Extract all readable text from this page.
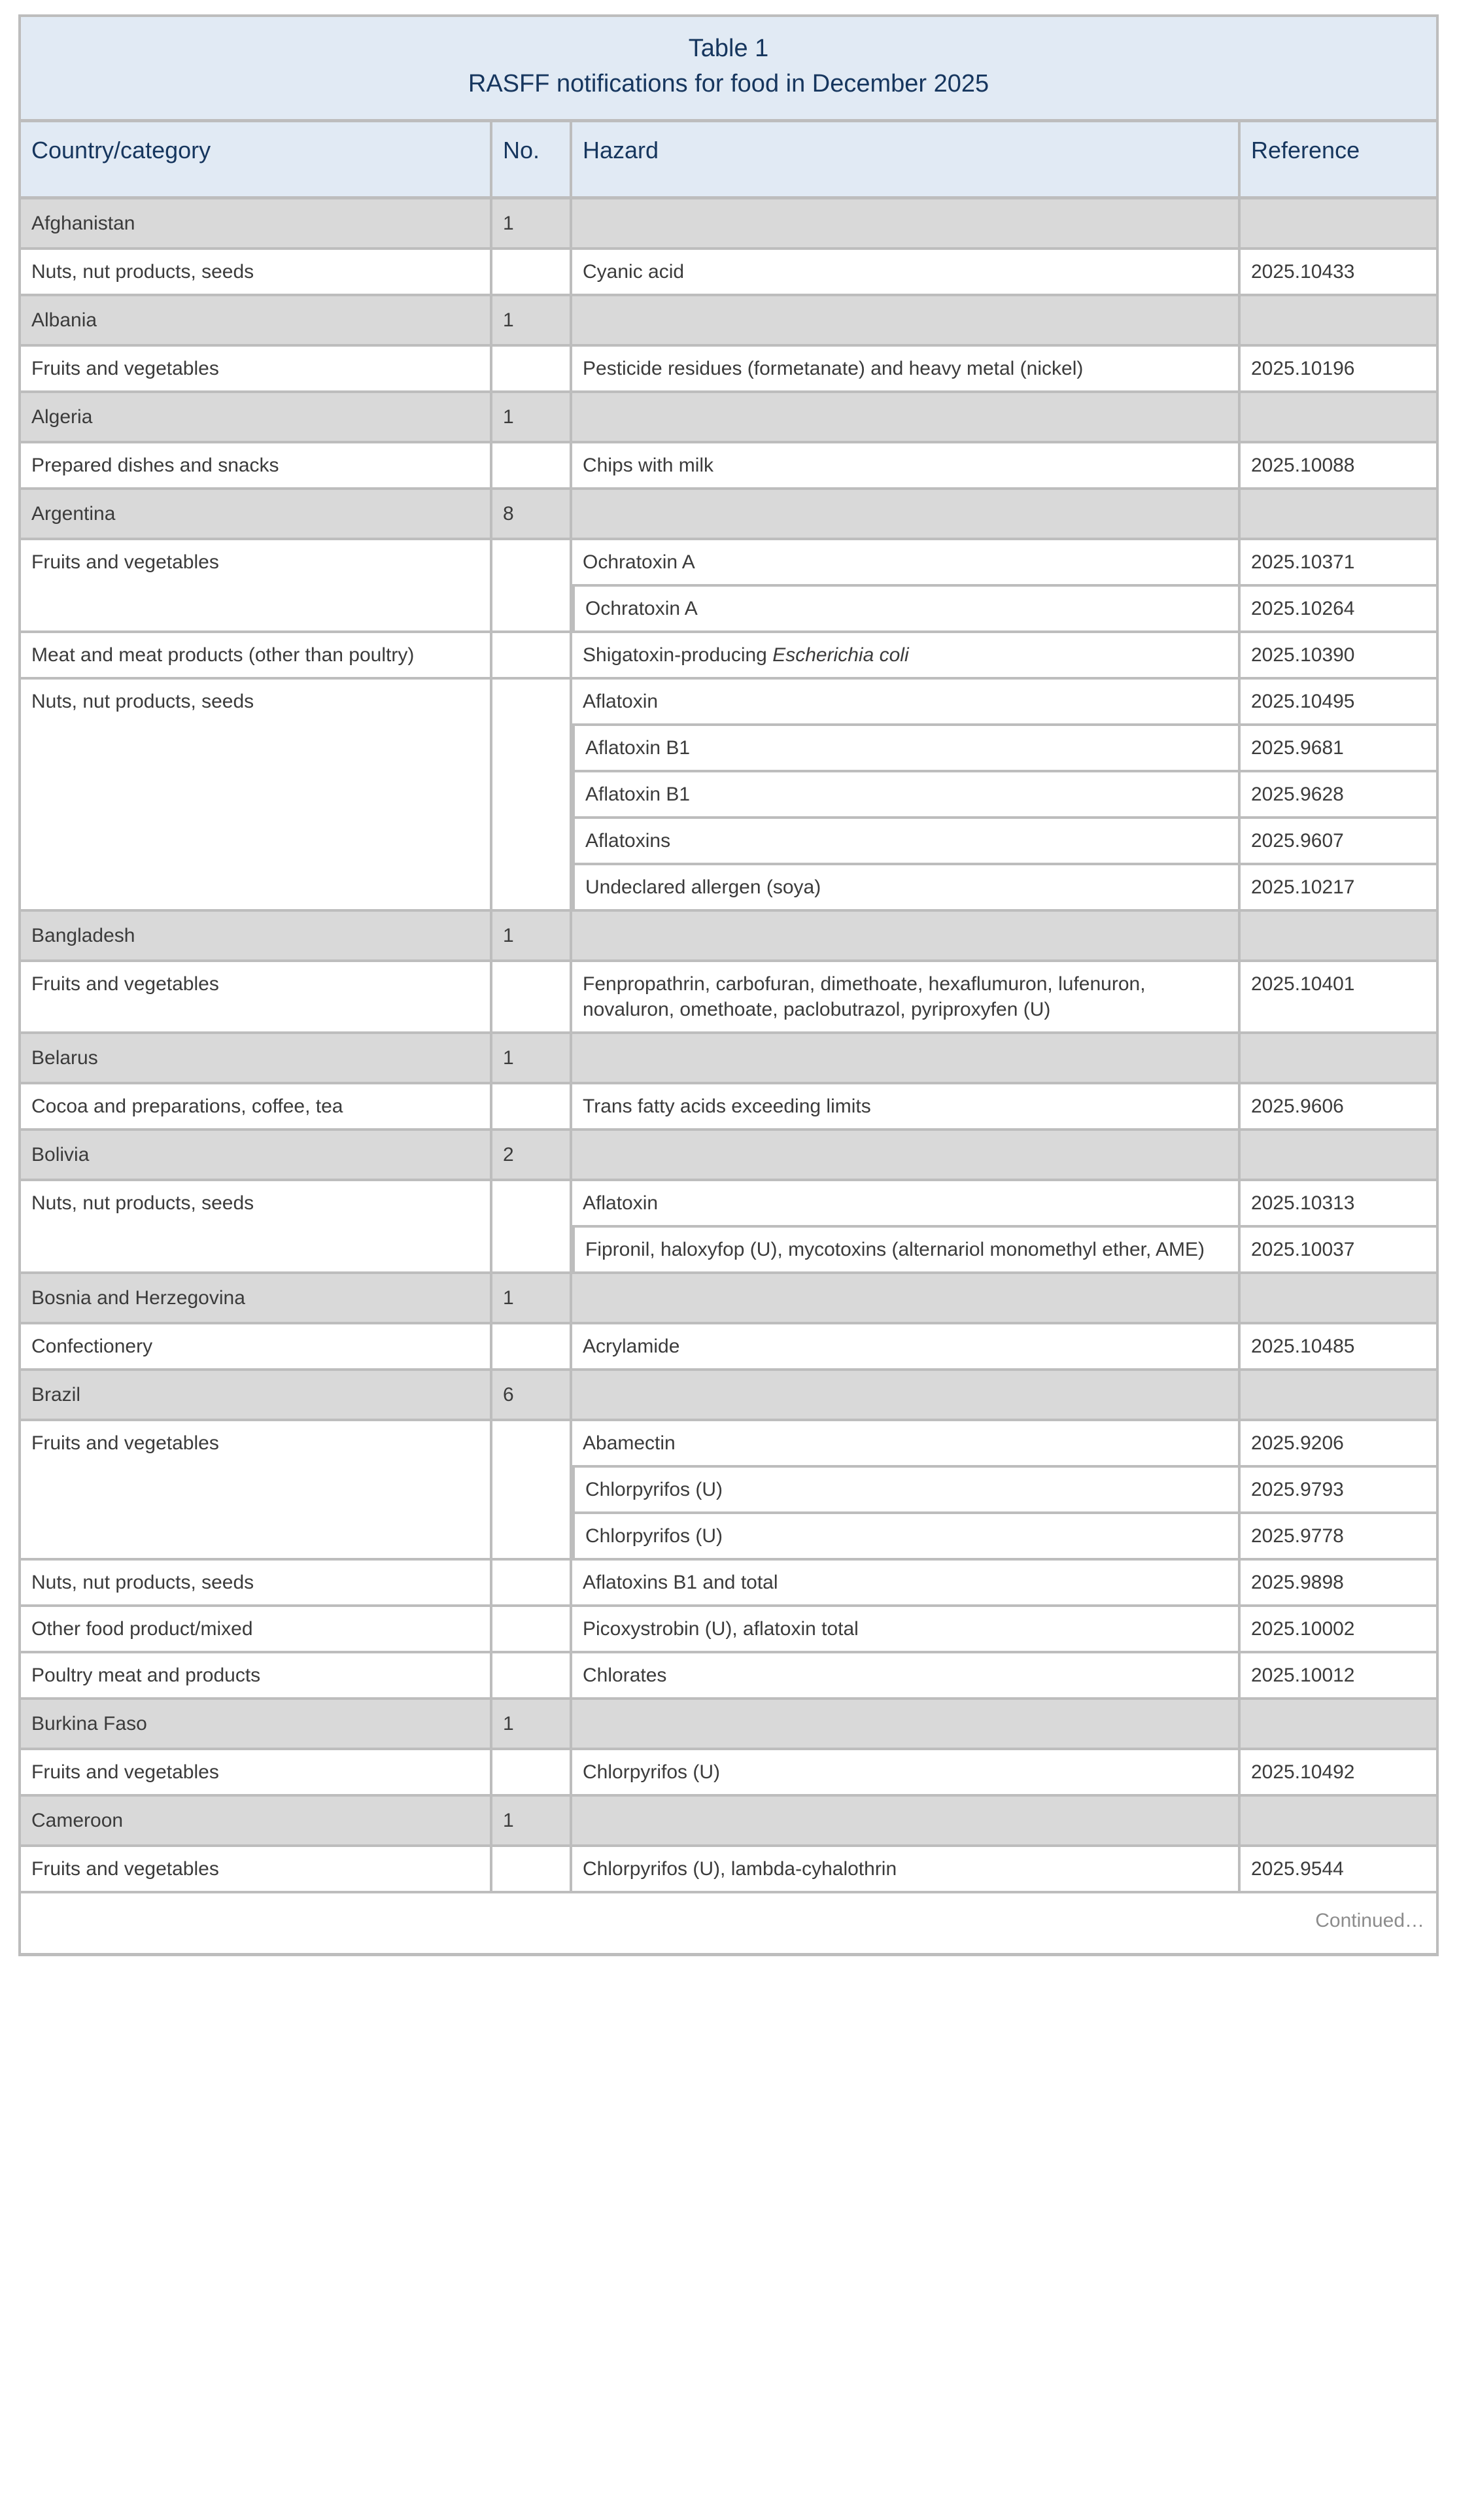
Table 1
RASFF notifications for food in December 2025			

Country/category	No.	Hazard	Reference
Afghanistan	1		
Nuts, nut products, seeds		Cyanic acid	2025.10433
Albania	1		
Fruits and vegetables		Pesticide residues (formetanate) and heavy metal (nickel)	2025.10196
Algeria	1		
Prepared dishes and snacks		Chips with milk	2025.10088
Argentina	8		
Fruits and vegetables		Ochratoxin A	2025.10371
		Ochratoxin A	2025.10264
Meat and meat products (other than poultry)		Shigatoxin-producing Escherichia coli	2025.10390
Nuts, nut products, seeds		Aflatoxin	2025.10495
		Aflatoxin B1	2025.9681
		Aflatoxin B1	2025.9628
		Aflatoxins	2025.9607
		Undeclared allergen (soya)	2025.10217
Bangladesh	1		
Fruits and vegetables		Fenpropathrin, carbofuran, dimethoate, hexaflumuron, lufenuron, novaluron, omethoate, paclobutrazol, pyriproxyfen (U)	2025.10401
Belarus	1		
Cocoa and preparations, coffee, tea		Trans fatty acids exceeding limits	2025.9606
Bolivia	2		
Nuts, nut products, seeds		Aflatoxin	2025.10313
		Fipronil, haloxyfop (U), mycotoxins (alternariol monomethyl ether, AME)	2025.10037
Bosnia and Herzegovina	1		
Confectionery		Acrylamide	2025.10485
Brazil	6		
Fruits and vegetables		Abamectin	2025.9206
		Chlorpyrifos (U)	2025.9793
		Chlorpyrifos (U)	2025.9778
Nuts, nut products, seeds		Aflatoxins B1 and total	2025.9898
Other food product/mixed		Picoxystrobin (U), aflatoxin total	2025.10002
Poultry meat and products		Chlorates	2025.10012
Burkina Faso	1		
Fruits and vegetables		Chlorpyrifos (U)	2025.10492
Cameroon	1		
Fruits and vegetables		Chlorpyrifos (U), lambda-cyhalothrin	2025.9544
Continued…			
